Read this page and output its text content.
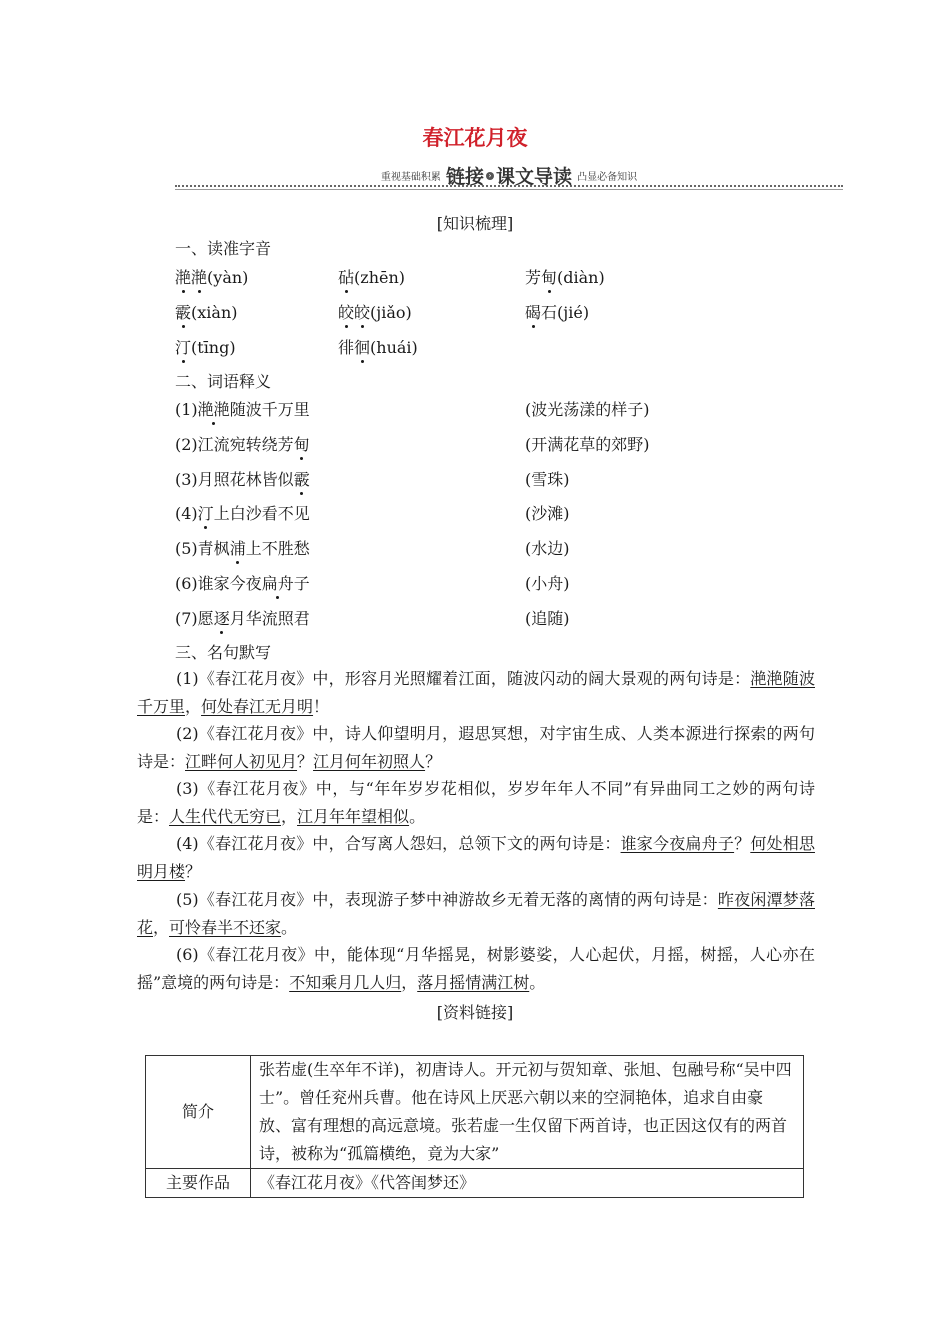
春江花月夜
重视基础积累 链接 › 课文导读 凸显必备知识
[知识梳理]
一、读准字音
滟滟(yàn)	砧(zhēn)	芳甸(diàn)
霰(xiàn)	皎皎(jiǎo)	碣石(jié)
汀(tīng)	徘徊(huái)
二、词语释义
(1)滟滟随波千万里	(波光荡漾的样子)
(2)江流宛转绕芳甸	(开满花草的郊野)
(3)月照花林皆似霰	(雪珠)
(4)汀上白沙看不见	(沙滩)
(5)青枫浦上不胜愁	(水边)
(6)谁家今夜扁舟子	(小舟)
(7)愿逐月华流照君	(追随)
三、名句默写
(1)《春江花月夜》中，形容月光照耀着江面，随波闪动的阔大景观的两句诗是：滟滟随波千万里，何处春江无月明！
(2)《春江花月夜》中，诗人仰望明月，遐思冥想，对宇宙生成、人类本源进行探索的两句诗是：江畔何人初见月？江月何年初照人？
(3)《春江花月夜》中，与“年年岁岁花相似，岁岁年年人不同”有异曲同工之妙的两句诗是：人生代代无穷已，江月年年望相似。
(4)《春江花月夜》中，合写离人怨妇，总领下文的两句诗是：谁家今夜扁舟子？何处相思明月楼？
(5)《春江花月夜》中，表现游子梦中神游故乡无着无落的离情的两句诗是：昨夜闲潭梦落花，可怜春半不还家。
(6)《春江花月夜》中，能体现“月华摇晃，树影婆娑，人心起伏，月摇，树摇，人心亦在摇”意境的两句诗是：不知乘月几人归，落月摇情满江树。
[资料链接]
简介	张若虚(生卒年不详)，初唐诗人。开元初与贺知章、张旭、包融号称“吴中四士”。曾任兖州兵曹。他在诗风上厌恶六朝以来的空洞艳体，追求自由豪放、富有理想的高远意境。张若虚一生仅留下两首诗，也正因这仅有的两首诗，被称为“孤篇横绝，竟为大家”
主要作品	《春江花月夜》《代答闺梦还》
